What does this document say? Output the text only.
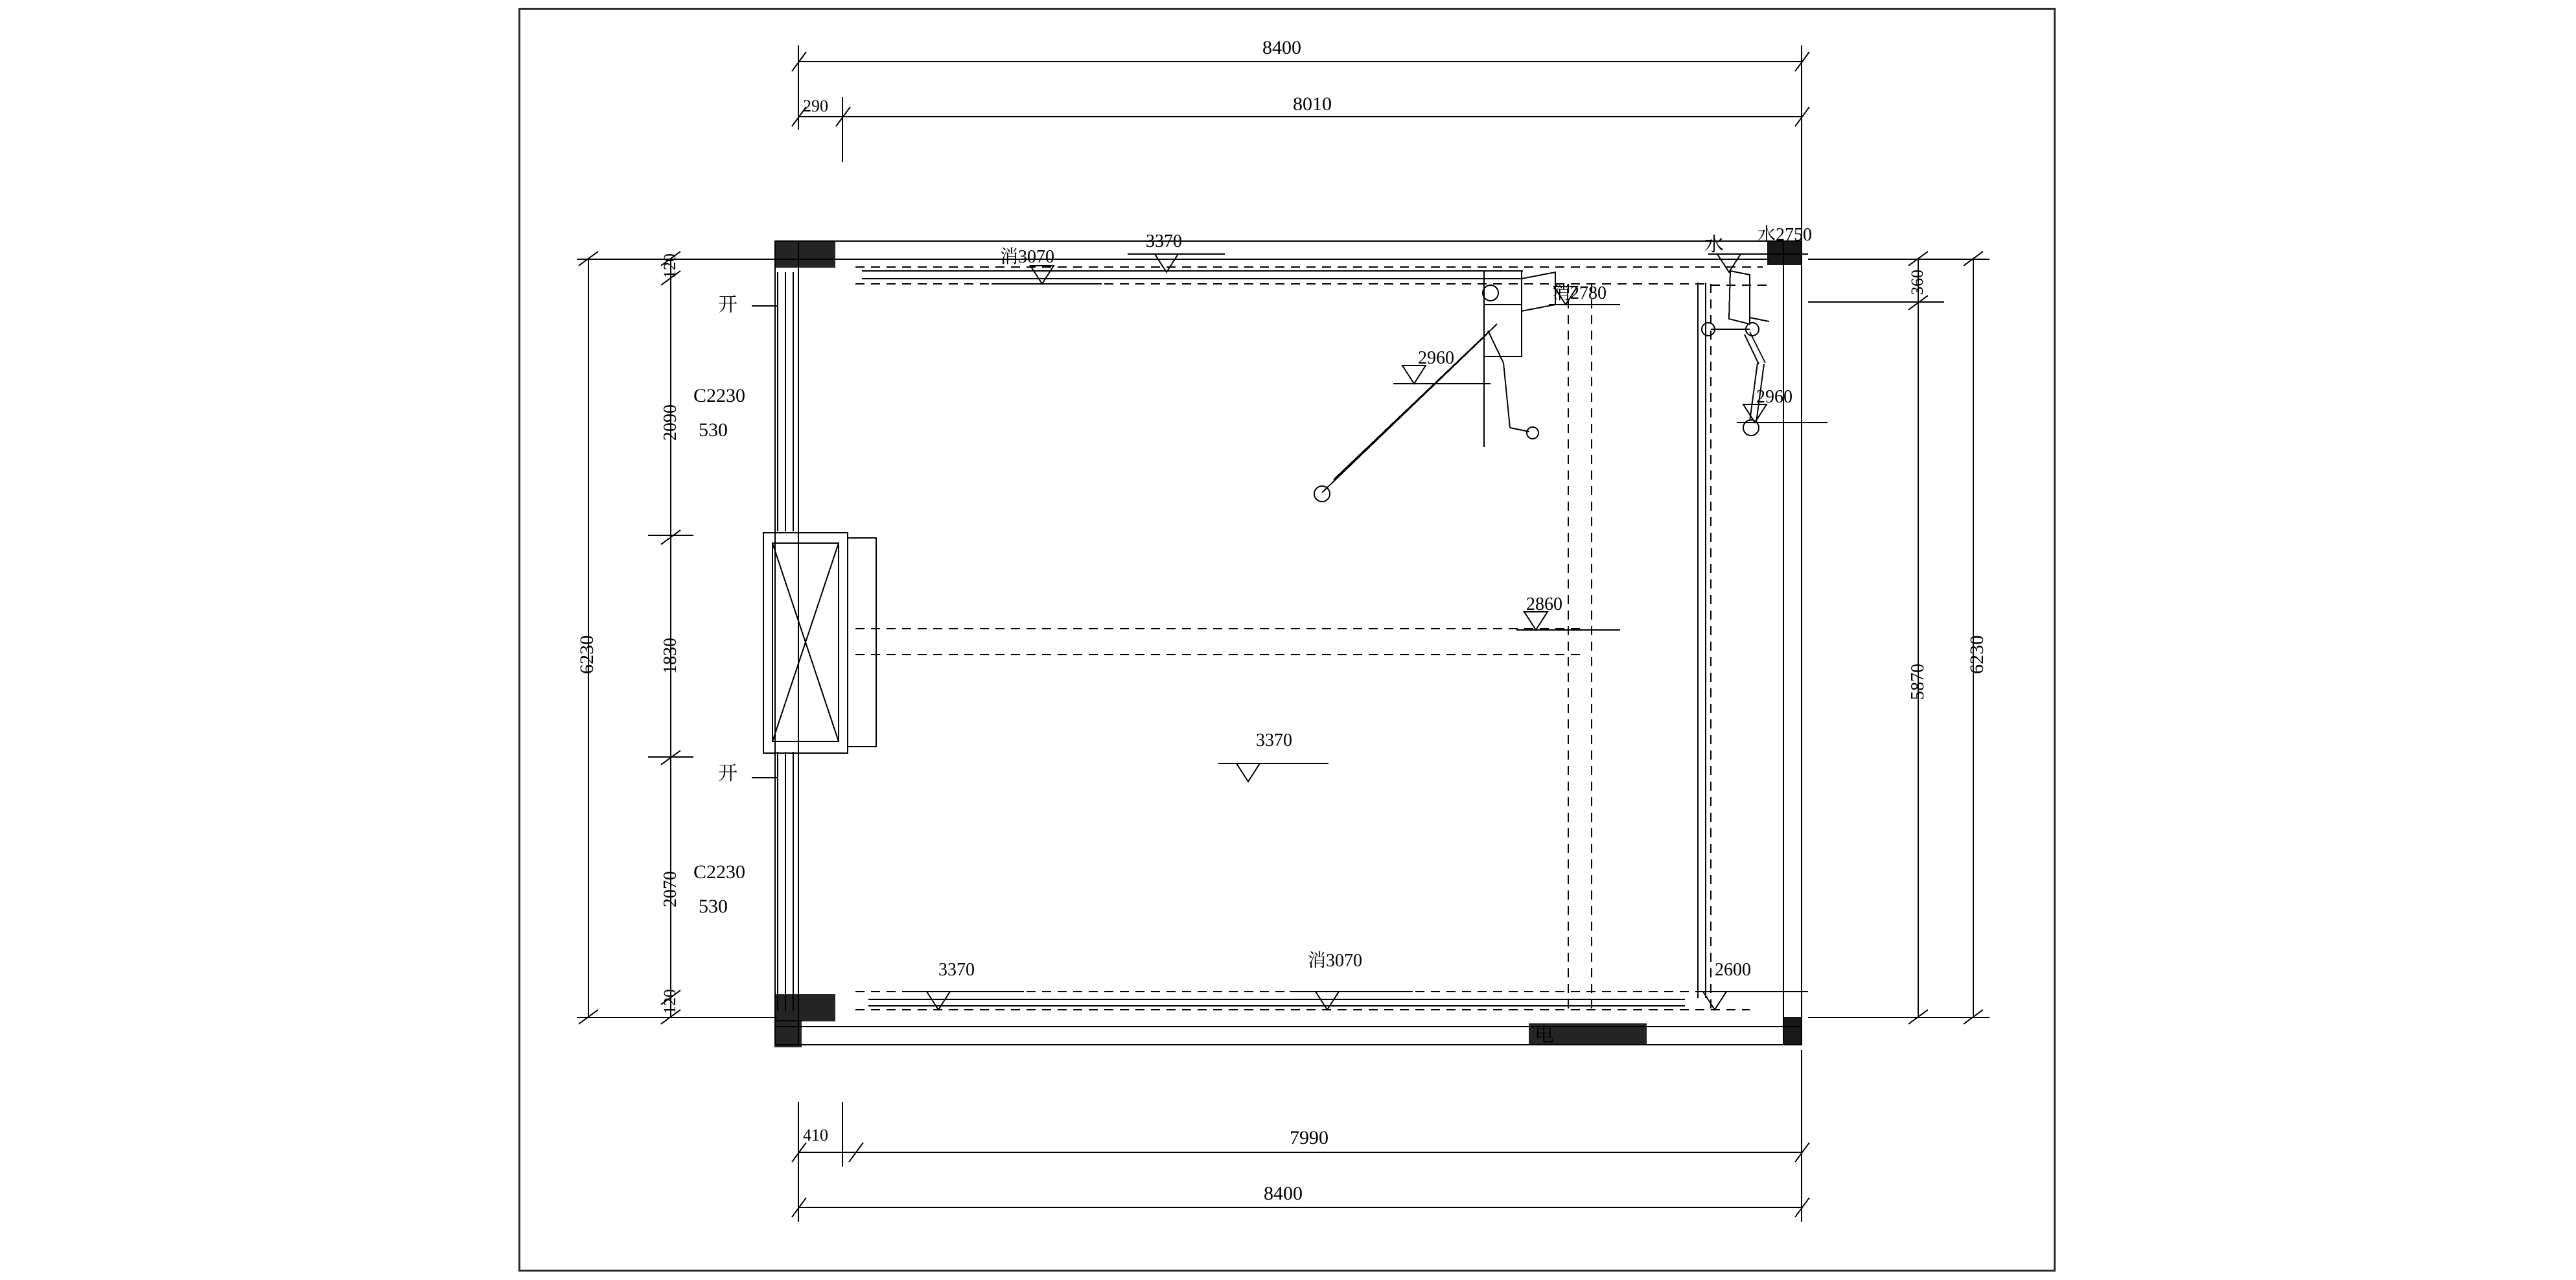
8400
8010
290
7990
8400
410
6230
120
2090
1830
2070
120
360
5870
6230
开
C2230
530
开
C2230
530
消3070
3370	水 水2750
消2780
2960
2960
2860
3370
3370	消3070	2600
电
